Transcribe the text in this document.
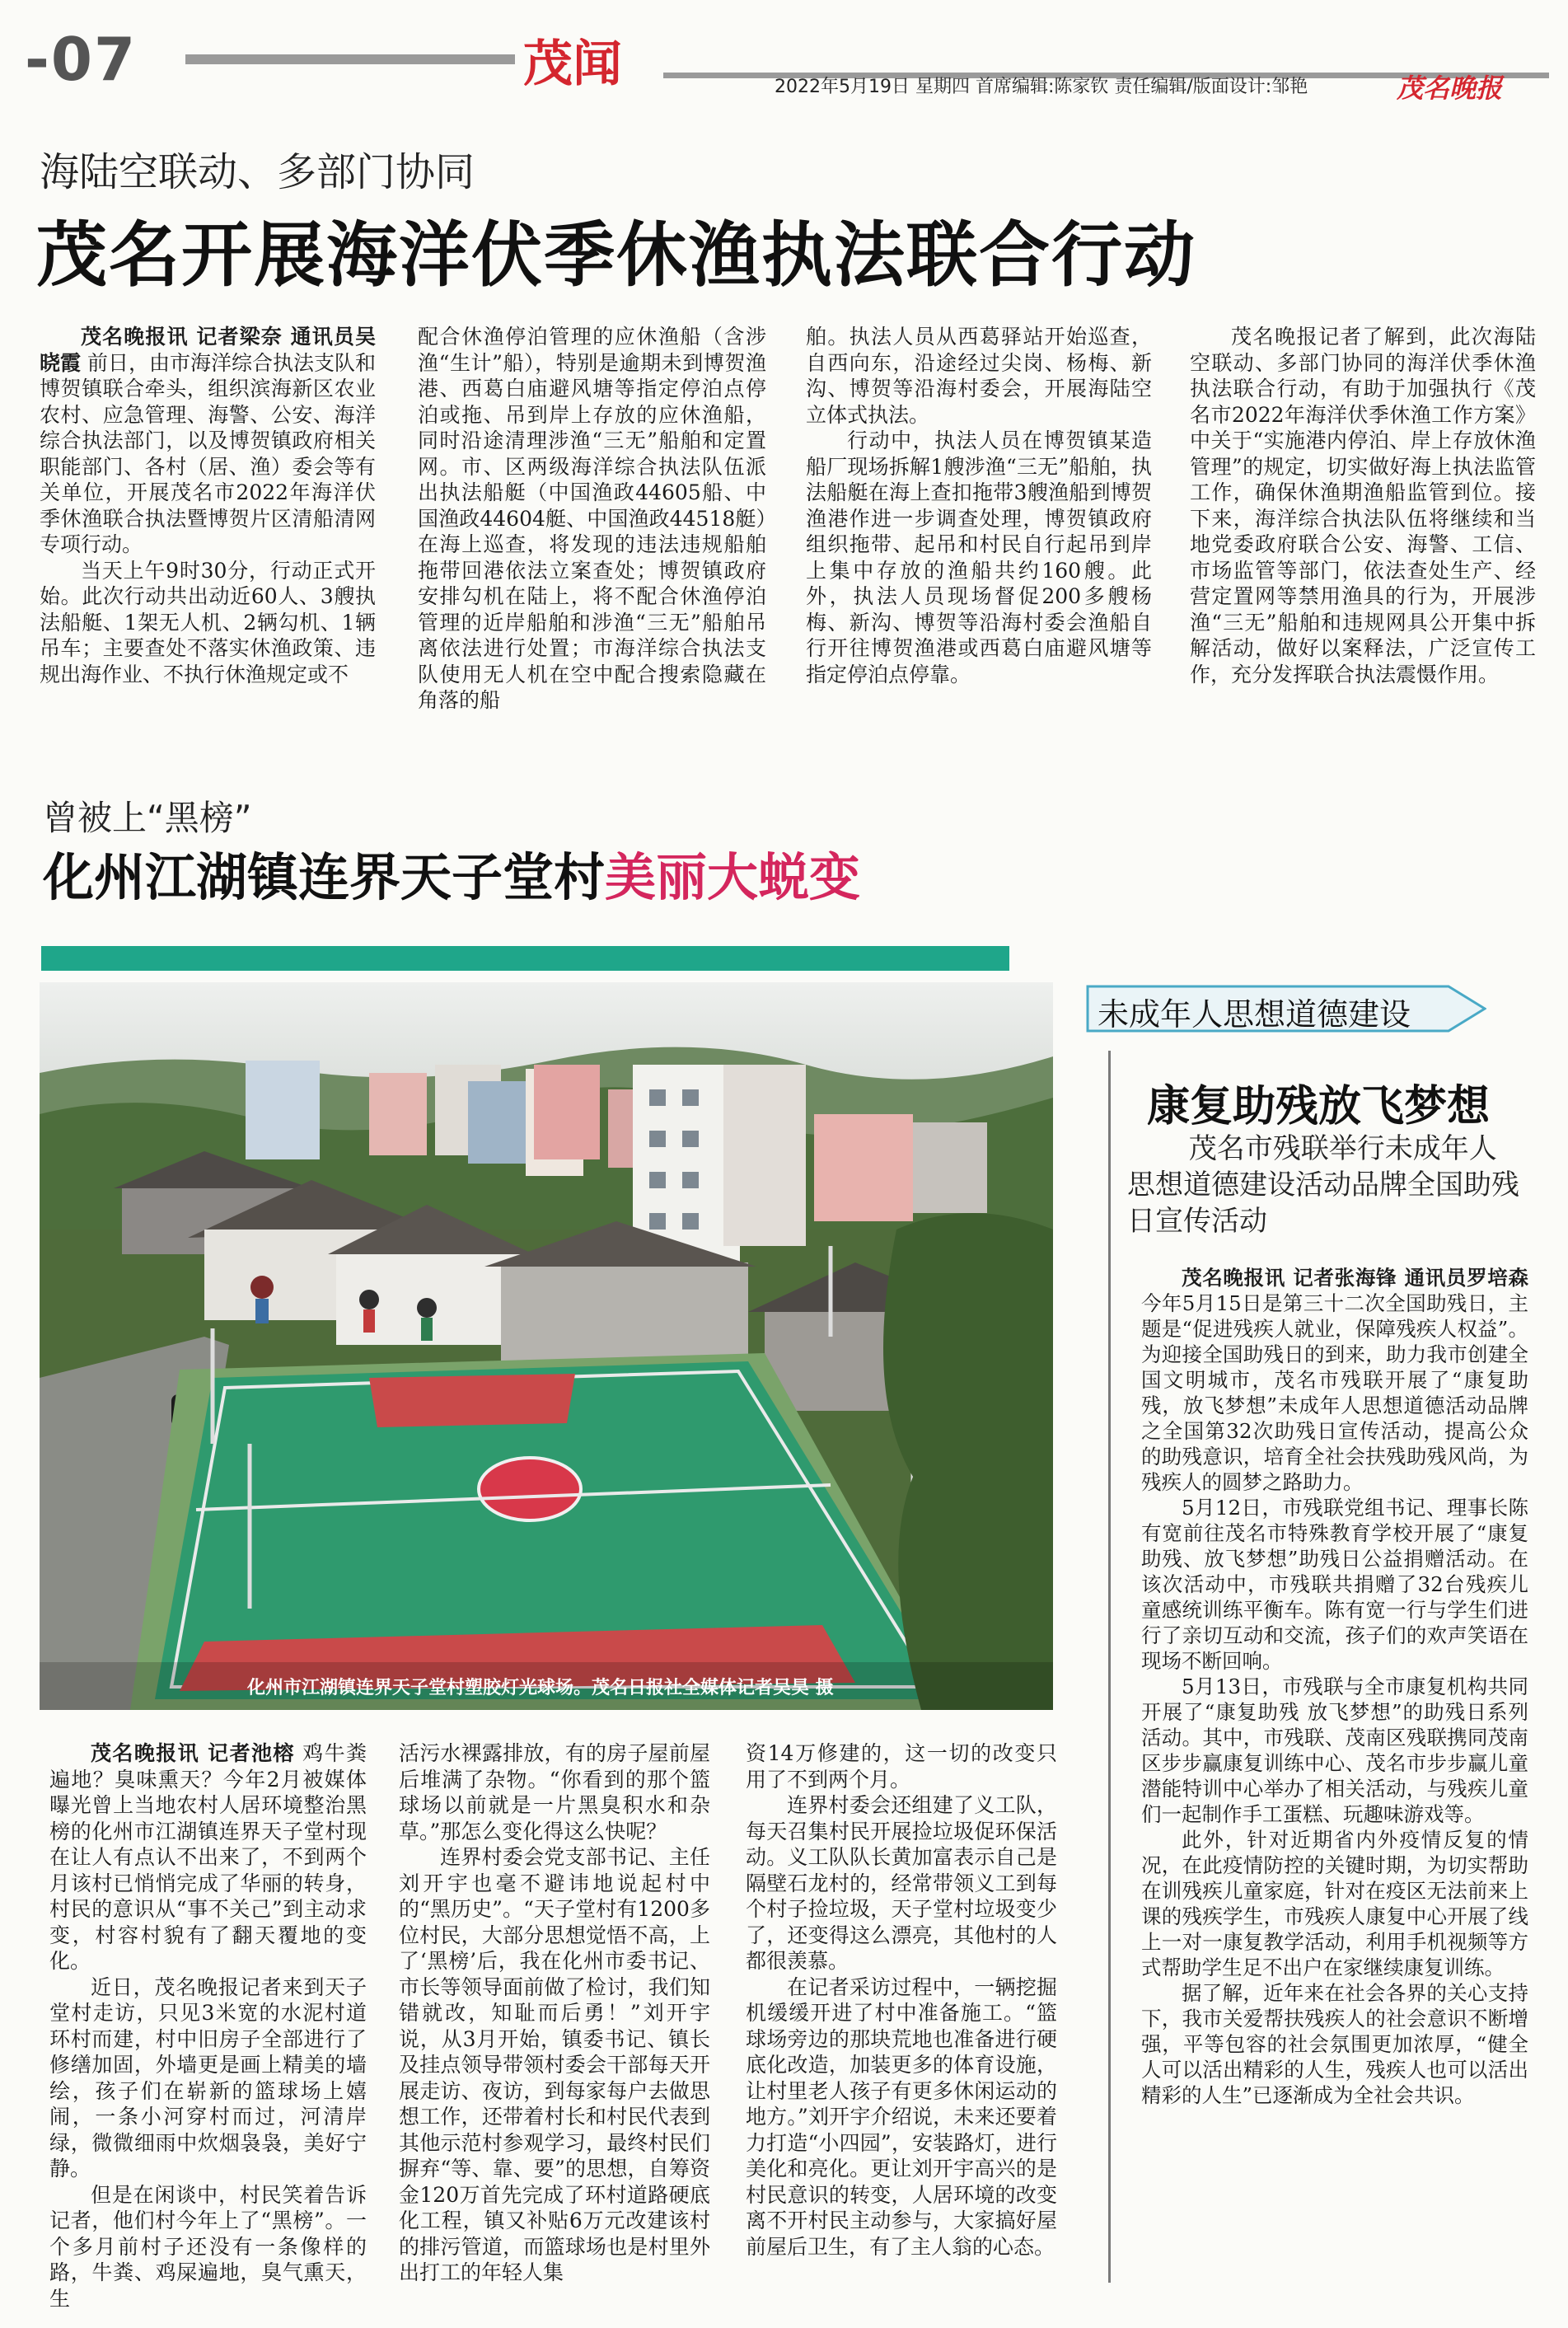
-07	茂闻	2022年5月19日 星期四 首席编辑:陈家钦 责任编辑/版面设计:邹艳	茂名晚报
海陆空联动、多部门协同
茂名开展海洋伏季休渔执法联合行动

茂名晚报讯 记者梁奈 通讯员吴晓霞 前日，由市海洋综合执法支队和博贺镇联合牵头，组织滨海新区农业农村、应急管理、海警、公安、海洋综合执法部门，以及博贺镇政府相关职能部门、各村（居、渔）委会等有关单位，开展茂名市2022年海洋伏季休渔联合执法暨博贺片区清船清网专项行动。

当天上午9时30分，行动正式开始。此次行动共出动近60人、3艘执法船艇、1架无人机、2辆勾机、1辆吊车；主要查处不落实休渔政策、违规出海作业、不执行休渔规定或不

配合休渔停泊管理的应休渔船（含涉渔“生计”船），特别是逾期未到博贺渔港、西葛白庙避风塘等指定停泊点停泊或拖、吊到岸上存放的应休渔船，同时沿途清理涉渔“三无”船舶和定置网。市、区两级海洋综合执法队伍派出执法船艇（中国渔政44605船、中国渔政44604艇、中国渔政44518艇）在海上巡查，将发现的违法违规船舶拖带回港依法立案查处；博贺镇政府安排勾机在陆上，将不配合休渔停泊管理的近岸船舶和涉渔“三无”船舶吊离依法进行处置；市海洋综合执法支队使用无人机在空中配合搜索隐藏在角落的船

舶。执法人员从西葛驿站开始巡查，自西向东，沿途经过尖岗、杨梅、新沟、博贺等沿海村委会，开展海陆空立体式执法。

行动中，执法人员在博贺镇某造船厂现场拆解1艘涉渔“三无”船舶，执法船艇在海上查扣拖带3艘渔船到博贺渔港作进一步调查处理，博贺镇政府组织拖带、起吊和村民自行起吊到岸上集中存放的渔船共约160艘。此外，执法人员现场督促200多艘杨梅、新沟、博贺等沿海村委会渔船自行开往博贺渔港或西葛白庙避风塘等指定停泊点停靠。

茂名晚报记者了解到，此次海陆空联动、多部门协同的海洋伏季休渔执法联合行动，有助于加强执行《茂名市2022年海洋伏季休渔工作方案》中关于“实施港内停泊、岸上存放休渔管理”的规定，切实做好海上执法监管工作，确保休渔期渔船监管到位。接下来，海洋综合执法队伍将继续和当地党委政府联合公安、海警、工信、市场监管等部门，依法查处生产、经营定置网等禁用渔具的行为，开展涉渔“三无”船舶和违规网具公开集中拆解活动，做好以案释法，广泛宣传工作，充分发挥联合执法震慑作用。

曾被上“黑榜”
化州江湖镇连界天子堂村美丽大蜕变
化州市江湖镇连界天子堂村塑胶灯光球场。茂名日报社全媒体记者吴昊 摄

茂名晚报讯 记者池榕 鸡牛粪遍地？臭味熏天？今年2月被媒体曝光曾上当地农村人居环境整治黑榜的化州市江湖镇连界天子堂村现在让人有点认不出来了，不到两个月该村已悄悄完成了华丽的转身，村民的意识从“事不关己”到主动求变，村容村貌有了翻天覆地的变化。

近日，茂名晚报记者来到天子堂村走访，只见3米宽的水泥村道环村而建，村中旧房子全部进行了修缮加固，外墙更是画上精美的墙绘，孩子们在崭新的篮球场上嬉闹，一条小河穿村而过，河清岸绿，微微细雨中炊烟袅袅，美好宁静。

但是在闲谈中，村民笑着告诉记者，他们村今年上了“黑榜”。一个多月前村子还没有一条像样的路，牛粪、鸡屎遍地，臭气熏天，生

活污水裸露排放，有的房子屋前屋后堆满了杂物。“你看到的那个篮球场以前就是一片黑臭积水和杂草。”那怎么变化得这么快呢？

连界村委会党支部书记、主任刘开宇也毫不避讳地说起村中的“黑历史”。“天子堂村有1200多位村民，大部分思想觉悟不高，上了‘黑榜’后，我在化州市委书记、市长等领导面前做了检讨，我们知错就改，知耻而后勇！”刘开宇说，从3月开始，镇委书记、镇长及挂点领导带领村委会干部每天开展走访、夜访，到每家每户去做思想工作，还带着村长和村民代表到其他示范村参观学习，最终村民们摒弃“等、靠、要”的思想，自筹资金120万首先完成了环村道路硬底化工程，镇又补贴6万元改建该村的排污管道，而篮球场也是村里外出打工的年轻人集

资14万修建的，这一切的改变只用了不到两个月。

连界村委会还组建了义工队，每天召集村民开展捡垃圾促环保活动。义工队队长黄加富表示自己是隔壁石龙村的，经常带领义工到每个村子捡垃圾，天子堂村垃圾变少了，还变得这么漂亮，其他村的人都很羡慕。

在记者采访过程中，一辆挖掘机缓缓开进了村中准备施工。“篮球场旁边的那块荒地也准备进行硬底化改造，加装更多的体育设施，让村里老人孩子有更多休闲运动的地方。”刘开宇介绍说，未来还要着力打造“小四园”，安装路灯，进行美化和亮化。更让刘开宇高兴的是村民意识的转变，人居环境的改变离不开村民主动参与，大家搞好屋前屋后卫生，有了主人翁的心态。

未成年人思想道德建设
康复助残放飞梦想
茂名市残联举行未成年人思想道德建设活动品牌全国助残日宣传活动

茂名晚报讯 记者张海锋 通讯员罗培森 今年5月15日是第三十二次全国助残日，主题是“促进残疾人就业，保障残疾人权益”。为迎接全国助残日的到来，助力我市创建全国文明城市，茂名市残联开展了“康复助残，放飞梦想”未成年人思想道德活动品牌之全国第32次助残日宣传活动，提高公众的助残意识，培育全社会扶残助残风尚，为残疾人的圆梦之路助力。

5月12日，市残联党组书记、理事长陈有宽前往茂名市特殊教育学校开展了“康复助残、放飞梦想”助残日公益捐赠活动。在该次活动中，市残联共捐赠了32台残疾儿童感统训练平衡车。陈有宽一行与学生们进行了亲切互动和交流，孩子们的欢声笑语在现场不断回响。

5月13日，市残联与全市康复机构共同开展了“康复助残 放飞梦想”的助残日系列活动。其中，市残联、茂南区残联携同茂南区步步赢康复训练中心、茂名市步步赢儿童潜能特训中心举办了相关活动，与残疾儿童们一起制作手工蛋糕、玩趣味游戏等。

此外，针对近期省内外疫情反复的情况，在此疫情防控的关键时期，为切实帮助在训残疾儿童家庭，针对在疫区无法前来上课的残疾学生，市残疾人康复中心开展了线上一对一康复教学活动，利用手机视频等方式帮助学生足不出户在家继续康复训练。

据了解，近年来在社会各界的关心支持下，我市关爱帮扶残疾人的社会意识不断增强，平等包容的社会氛围更加浓厚，“健全人可以活出精彩的人生，残疾人也可以活出精彩的人生”已逐渐成为全社会共识。
